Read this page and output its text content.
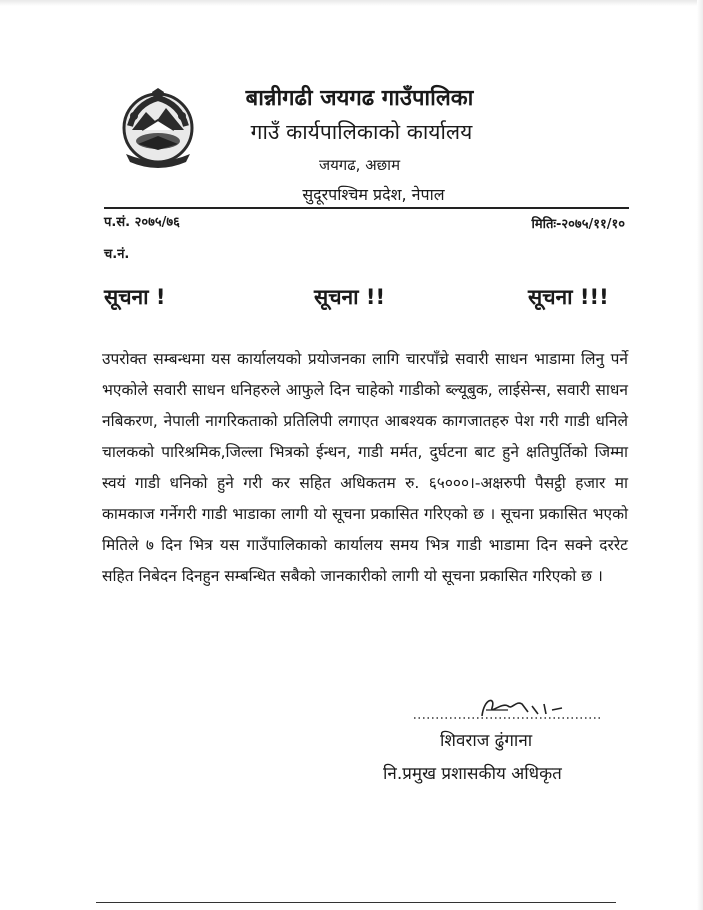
बान्नीगढी जयगढ गाउँपालिका
गाउँ कार्यपालिकाको कार्यालय
जयगढ, अछाम
सुदूरपश्चिम प्रदेश, नेपाल
प.सं. २०७५/७६	मितिः-२०७५/११/१०
च.नं.
सूचना !	सूचना !!	सूचना !!!
उपरोक्त सम्बन्धमा यस कार्यालयको प्रयोजनका लागि चारपाँच्रे सवारी साधन भाडामा लिनु पर्ने भएकोले सवारी साधन धनिहरुले आफुले दिन चाहेको गाडीको ब्ल्यूबुक, लाईसेन्स, सवारी साधन नबिकरण, नेपाली नागरिकताको प्रतिलिपी लगाएत आबश्यक कागजातहरु पेश गरी गाडी धनिले चालकको पारिश्रमिक,जिल्ला भित्रको ईन्धन, गाडी मर्मत, दुर्घटना बाट हुने क्षतिपुर्तिको जिम्मा स्वयं गाडी धनिको हुने गरी कर सहित अधिकतम रु. ६५०००।-अक्षरुपी पैसट्ठी हजार मा कामकाज गर्नेगरी गाडी भाडाका लागी यो सूचना प्रकासित गरिएको छ । सूचना प्रकासित भएको मितिले ७ दिन भित्र यस गाउँपालिकाको कार्यालय समय भित्र गाडी भाडामा दिन सक्ने दररेट सहित निबेदन दिनहुन सम्बन्धित सबैको जानकारीको लागी यो सूचना प्रकासित गरिएको छ ।
शिवराज ढुंगाना
नि.प्रमुख प्रशासकीय अधिकृत
